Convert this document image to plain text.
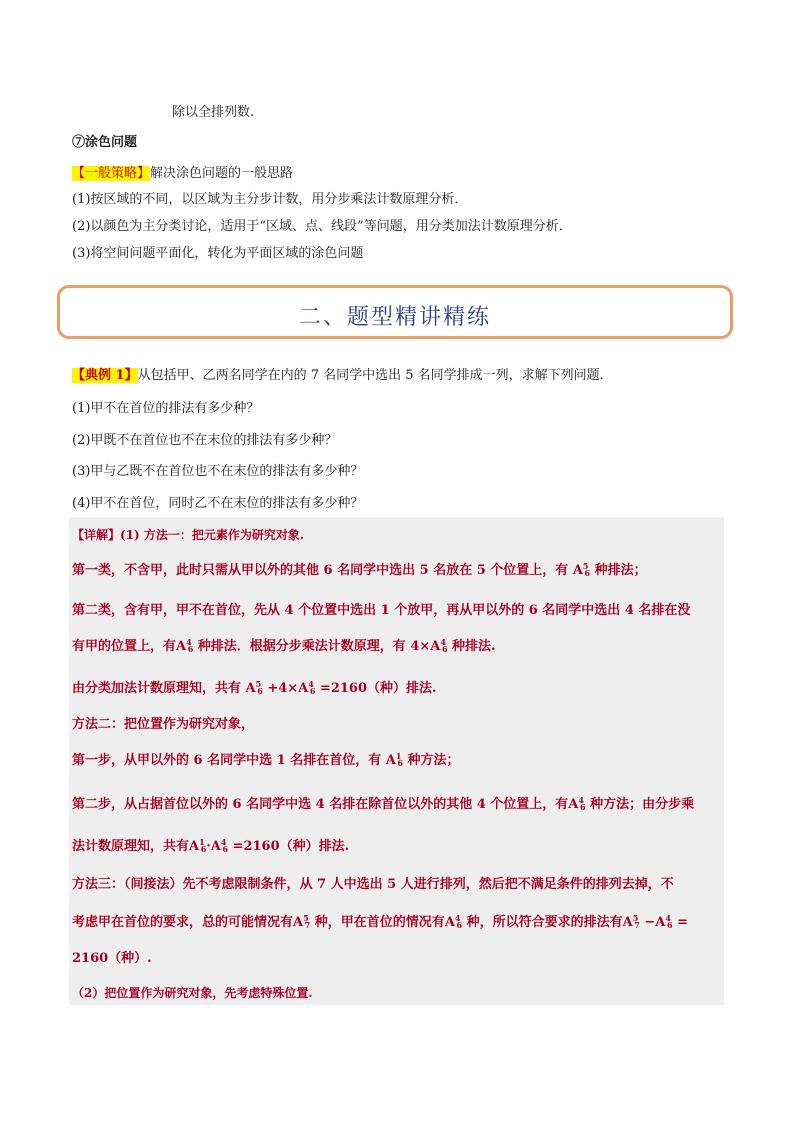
除以全排列数.
⑦涂色问题
【一般策略】解决涂色问题的一般思路
(1)按区域的不同，以区域为主分步计数，用分步乘法计数原理分析．
(2)以颜色为主分类讨论，适用于“区域、点、线段”等问题，用分类加法计数原理分析．
(3)将空间问题平面化，转化为平面区域的涂色问题
二、题型精讲精练
【典例 1】从包括甲、乙两名同学在内的 7 名同学中选出 5 名同学排成一列，求解下列问题．
(1)甲不在首位的排法有多少种？
(2)甲既不在首位也不在末位的排法有多少种？
(3)甲与乙既不在首位也不在末位的排法有多少种？
(4)甲不在首位，同时乙不在末位的排法有多少种？
【详解】(1) 方法一：把元素作为研究对象.
第一类，不含甲，此时只需从甲以外的其他 6 名同学中选出 5 名放在 5 个位置上，有 $A^56$ 种排法；
第二类，含有甲，甲不在首位，先从 4 个位置中选出 1 个放甲，再从甲以外的 6 名同学中选出 4 名排在没
有甲的位置上，有$A^46$ 种排法．根据分步乘法计数原理，有 $4\times A^46$ 种排法.
由分类加法计数原理知，共有 $A^56 +4\times A^46 =2160$（种）排法.
方法二：把位置作为研究对象，
第一步，从甲以外的 6 名同学中选 1 名排在首位，有 $A^16$ 种方法；
第二步，从占据首位以外的 6 名同学中选 4 名排在除首位以外的其他 4 个位置上，有$A^46$ 种方法；由分步乘
法计数原理知，共有$A^16\cdot A^46 =2160$（种）排法.
方法三：（间接法）先不考虑限制条件，从 7 人中选出 5 人进行排列，然后把不满足条件的排列去掉，不
考虑甲在首位的要求，总的可能情况有$A^57$ 种，甲在首位的情况有$A^46$ 种，所以符合要求的排法有$A^57 -A^46$ =
2160（种）.
（2）把位置作为研究对象，先考虑特殊位置.
